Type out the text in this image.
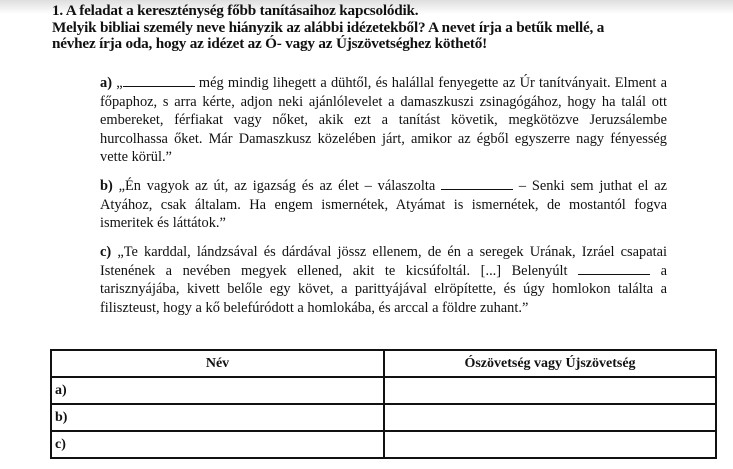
1. A feladat a kereszténység főbb tanításaihoz kapcsolódik.
Melyik bibliai személy neve hiányzik az alábbi idézetekből? A nevet írja a betűk mellé, a
névhez írja oda, hogy az idézet az Ó- vagy az Újszövetséghez köthető!
a) „	még mindig lihegett a dühtől, és halállal fenyegette az Úr tanítványait. Elment a főpaphoz, s arra kérte, adjon neki ajánlólevelet a damaszkuszi zsinagógához, hogy ha talál ott embereket, férfiakat vagy nőket, akik ezt a tanítást követik, megkötözve Jeruzsálembe hurcolhassa őket. Már Damaszkusz közelében járt, amikor az égből egyszerre nagy fényesség vette körül.”
b) „Én vagyok az út, az igazság és az élet – válaszolta	– Senki sem juthat el az Atyához, csak általam. Ha engem ismernétek, Atyámat is ismernétek, de mostantól fogva ismeritek és láttátok.”
c) „Te karddal, lándzsával és dárdával jössz ellenem, de én a seregek Urának, Izráel csapatai Istenének a nevében megyek ellened, akit te kicsúfoltál. [...] Belenyúlt	a tarisznyájába, kivett belőle egy követ, a parittyájával elröpítette, és úgy homlokon találta a filiszteust, hogy a kő belefúródott a homlokába, és arccal a földre zuhant.”
Név	Ószövetség vagy Újszövetség
a)	
b)	
c)	
